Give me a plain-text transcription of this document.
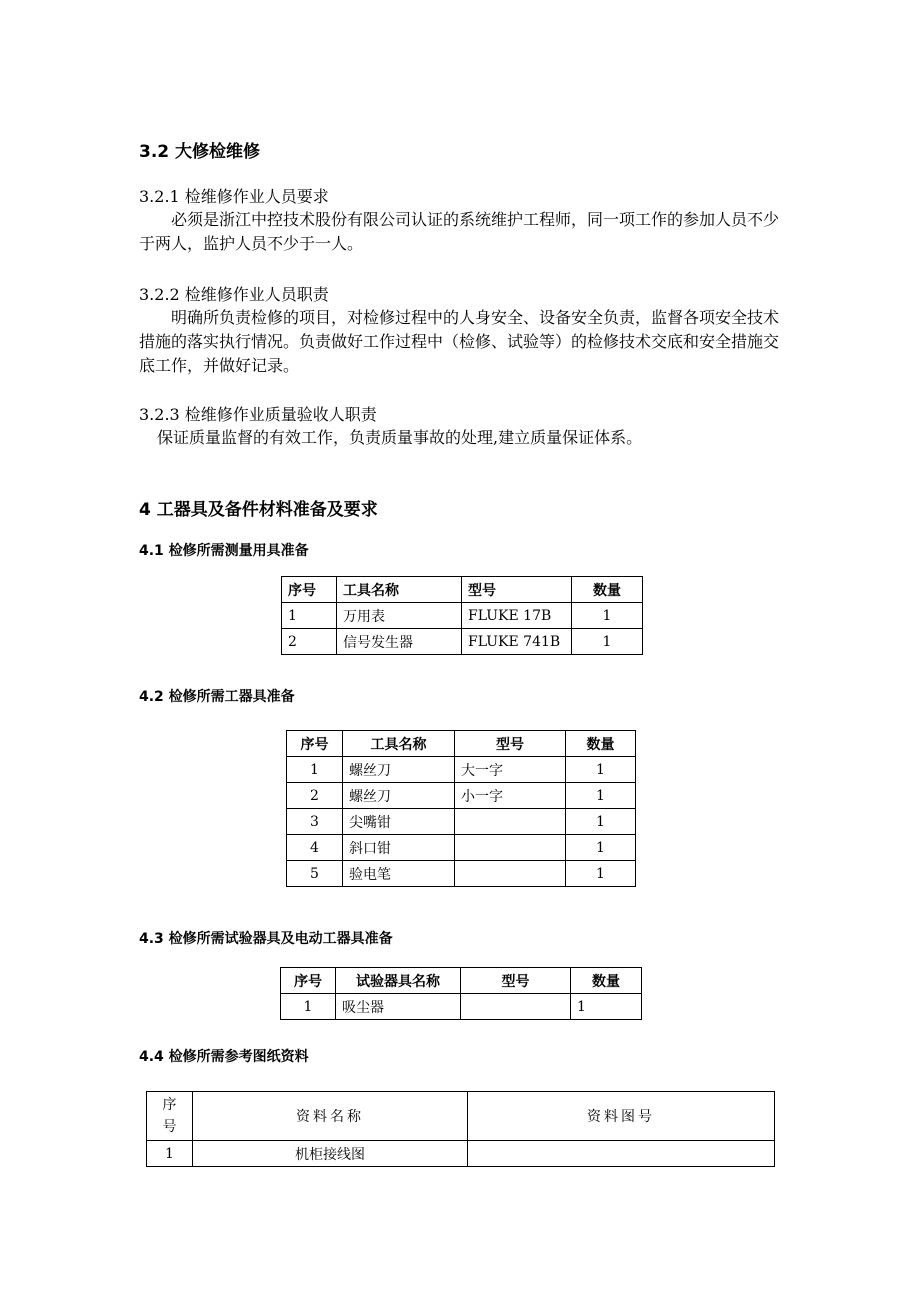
3.2 大修检维修
3.2.1 检维修作业人员要求
必须是浙江中控技术股份有限公司认证的系统维护工程师，同一项工作的参加人员不少于两人，监护人员不少于一人。
3.2.2 检维修作业人员职责
明确所负责检修的项目，对检修过程中的人身安全、设备安全负责，监督各项安全技术措施的落实执行情况。负责做好工作过程中（检修、试验等）的检修技术交底和安全措施交底工作，并做好记录。
3.2.3 检维修作业质量验收人职责
保证质量监督的有效工作，负责质量事故的处理,建立质量保证体系。
4 工器具及备件材料准备及要求
4.1 检修所需测量用具准备
序号	工具名称	型号	数量
1	万用表	FLUKE 17B	1
2	信号发生器	FLUKE 741B	1
4.2 检修所需工器具准备
序号	工具名称	型号	数量
1	螺丝刀	大一字	1
2	螺丝刀	小一字	1
3	尖嘴钳		1
4	斜口钳		1
5	验电笔		1
4.3 检修所需试验器具及电动工器具准备
序号	试验器具名称	型号	数量
1	吸尘器		1
4.4 检修所需参考图纸资料
序号	资料名称	资料图号
1	机柜接线图	
